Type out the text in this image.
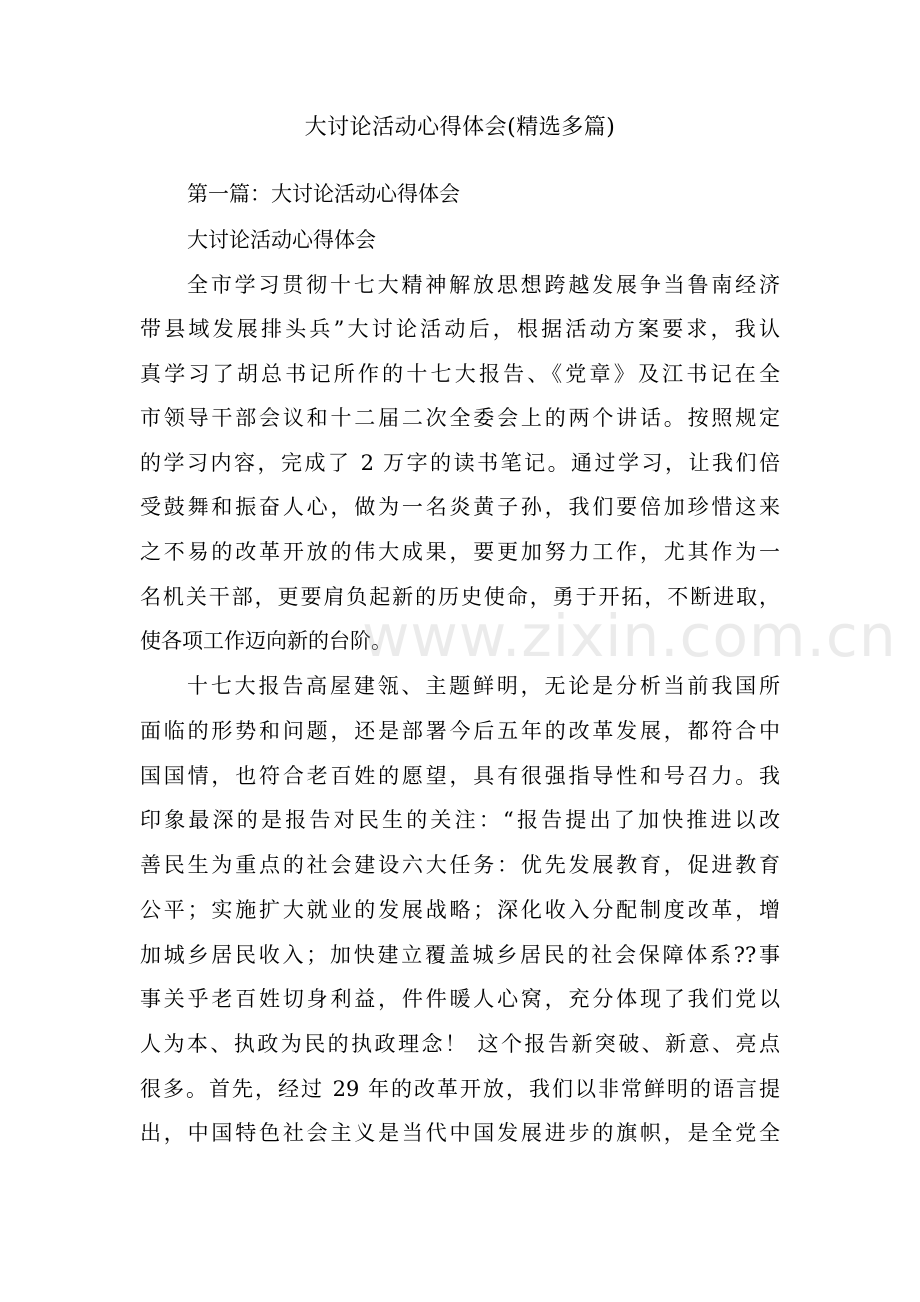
大讨论活动心得体会(精选多篇)
第一篇：大讨论活动心得体会
大讨论活动心得体会
全市学习贯彻十七大精神解放思想跨越发展争当鲁南经济
带县域发展排头兵”大讨论活动后，根据活动方案要求，我认
真学习了胡总书记所作的十七大报告、《党章》及江书记在全
市领导干部会议和十二届二次全委会上的两个讲话。按照规定
的学习内容，完成了 2 万字的读书笔记。通过学习，让我们倍
受鼓舞和振奋人心，做为一名炎黄子孙，我们要倍加珍惜这来
之不易的改革开放的伟大成果，要更加努力工作，尤其作为一
名机关干部，更要肩负起新的历史使命，勇于开拓，不断进取，
使各项工作迈向新的台阶。
十七大报告高屋建瓴、主题鲜明，无论是分析当前我国所
面临的形势和问题，还是部署今后五年的改革发展，都符合中
国国情，也符合老百姓的愿望，具有很强指导性和号召力。我
印象最深的是报告对民生的关注：“报告提出了加快推进以改
善民生为重点的社会建设六大任务：优先发展教育，促进教育
公平；实施扩大就业的发展战略；深化收入分配制度改革，增
加城乡居民收入；加快建立覆盖城乡居民的社会保障体系??事
事关乎老百姓切身利益，件件暖人心窝，充分体现了我们党以
人为本、执政为民的执政理念！ 这个报告新突破、新意、亮点
很多。首先，经过 29 年的改革开放，我们以非常鲜明的语言提
出，中国特色社会主义是当代中国发展进步的旗帜，是全党全
www.zixin.com.cn
